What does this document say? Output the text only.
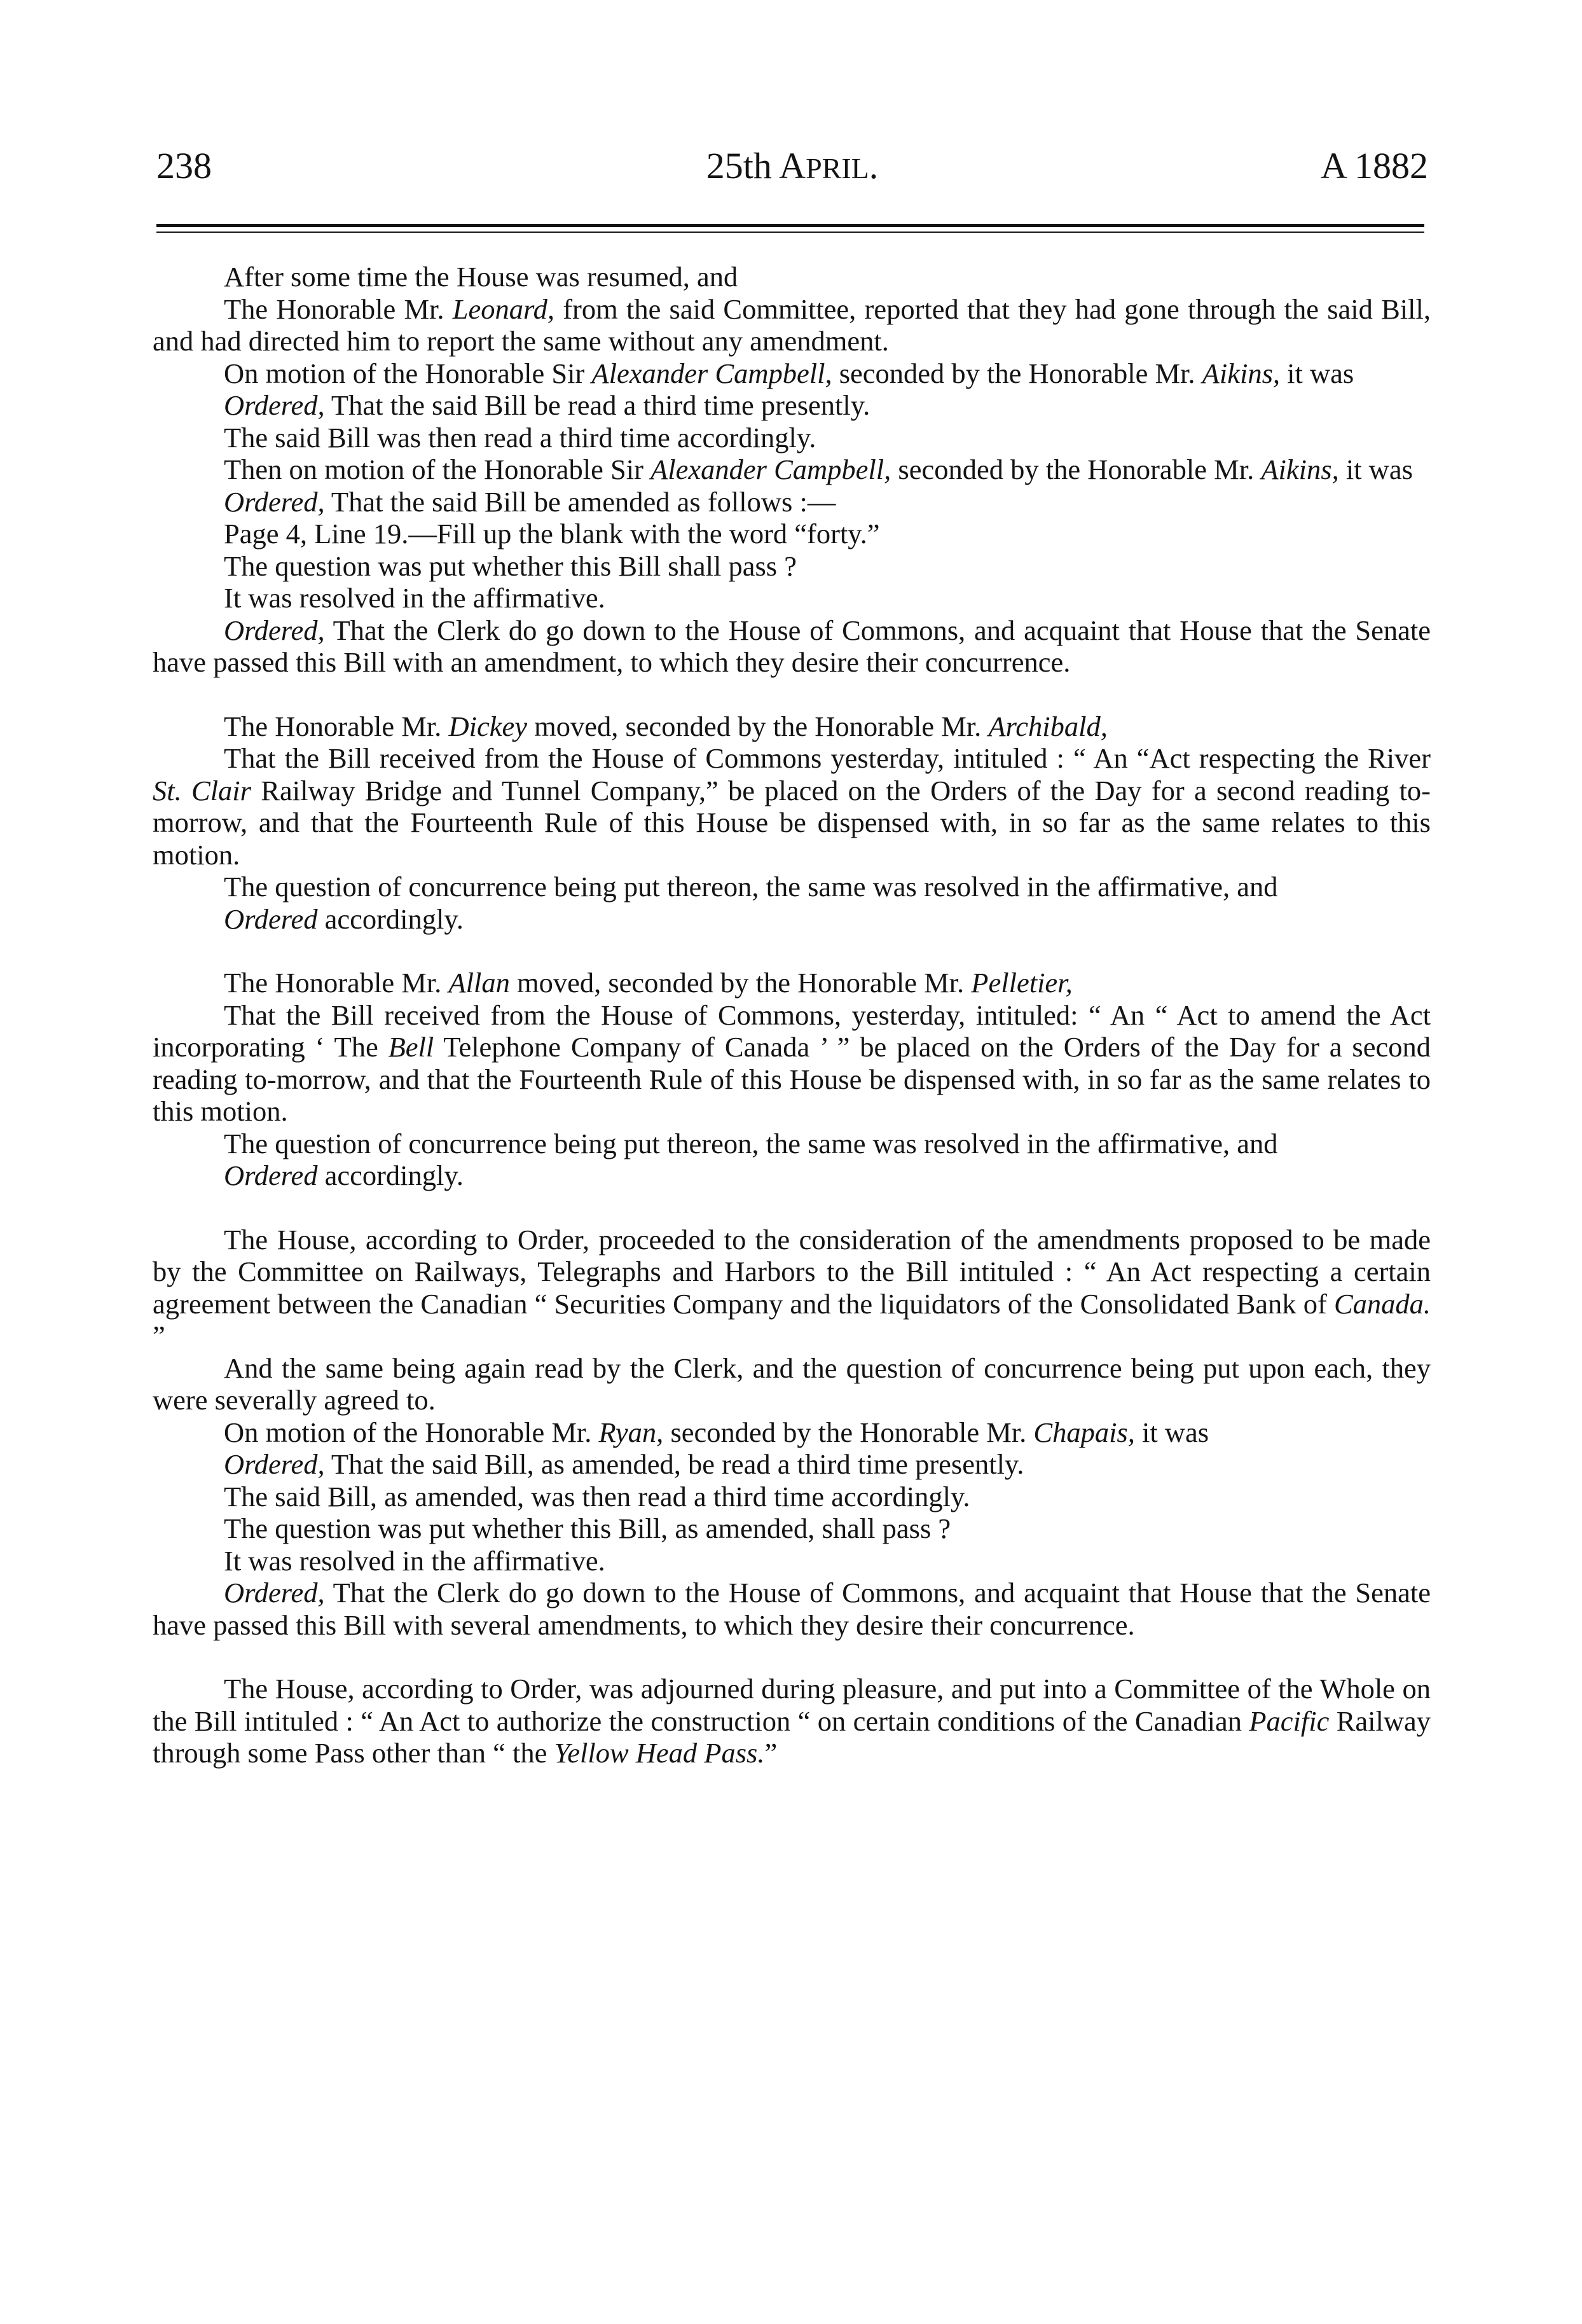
238	25th APRIL.	A 1882

After some time the House was resumed, and

The Honorable Mr. Leonard, from the said Committee, reported that they had gone through the said Bill, and had directed him to report the same without any amendment.

On motion of the Honorable Sir Alexander Campbell, seconded by the Honorable Mr. Aikins, it was

Ordered, That the said Bill be read a third time presently.

The said Bill was then read a third time accordingly.

Then on motion of the Honorable Sir Alexander Campbell, seconded by the Honorable Mr. Aikins, it was

Ordered, That the said Bill be amended as follows :—

Page 4, Line 19.—Fill up the blank with the word “forty.”

The question was put whether this Bill shall pass ?

It was resolved in the affirmative.

Ordered, That the Clerk do go down to the House of Commons, and acquaint that House that the Senate have passed this Bill with an amendment, to which they desire their concurrence.

The Honorable Mr. Dickey moved, seconded by the Honorable Mr. Archibald,

That the Bill received from the House of Commons yesterday, intituled : “ An “Act respecting the River St. Clair Railway Bridge and Tunnel Company,” be placed on the Orders of the Day for a second reading to-morrow, and that the Fourteenth Rule of this House be dispensed with, in so far as the same relates to this motion.

The question of concurrence being put thereon, the same was resolved in the affirmative, and

Ordered accordingly.

The Honorable Mr. Allan moved, seconded by the Honorable Mr. Pelletier,

That the Bill received from the House of Commons, yesterday, intituled: “ An “ Act to amend the Act incorporating ‘ The Bell Telephone Company of Canada ’ ” be placed on the Orders of the Day for a second reading to-morrow, and that the Fourteenth Rule of this House be dispensed with, in so far as the same relates to this motion.

The question of concurrence being put thereon, the same was resolved in the affirmative, and

Ordered accordingly.

The House, according to Order, proceeded to the consideration of the amendments proposed to be made by the Committee on Railways, Telegraphs and Harbors to the Bill intituled : “ An Act respecting a certain agreement between the Canadian “ Securities Company and the liquidators of the Consolidated Bank of Canada. ”

And the same being again read by the Clerk, and the question of concurrence being put upon each, they were severally agreed to.

On motion of the Honorable Mr. Ryan, seconded by the Honorable Mr. Chapais, it was

Ordered, That the said Bill, as amended, be read a third time presently.

The said Bill, as amended, was then read a third time accordingly.

The question was put whether this Bill, as amended, shall pass ?

It was resolved in the affirmative.

Ordered, That the Clerk do go down to the House of Commons, and acquaint that House that the Senate have passed this Bill with several amendments, to which they desire their concurrence.

The House, according to Order, was adjourned during pleasure, and put into a Committee of the Whole on the Bill intituled : “ An Act to authorize the construction “ on certain conditions of the Canadian Pacific Railway through some Pass other than “ the Yellow Head Pass.”
